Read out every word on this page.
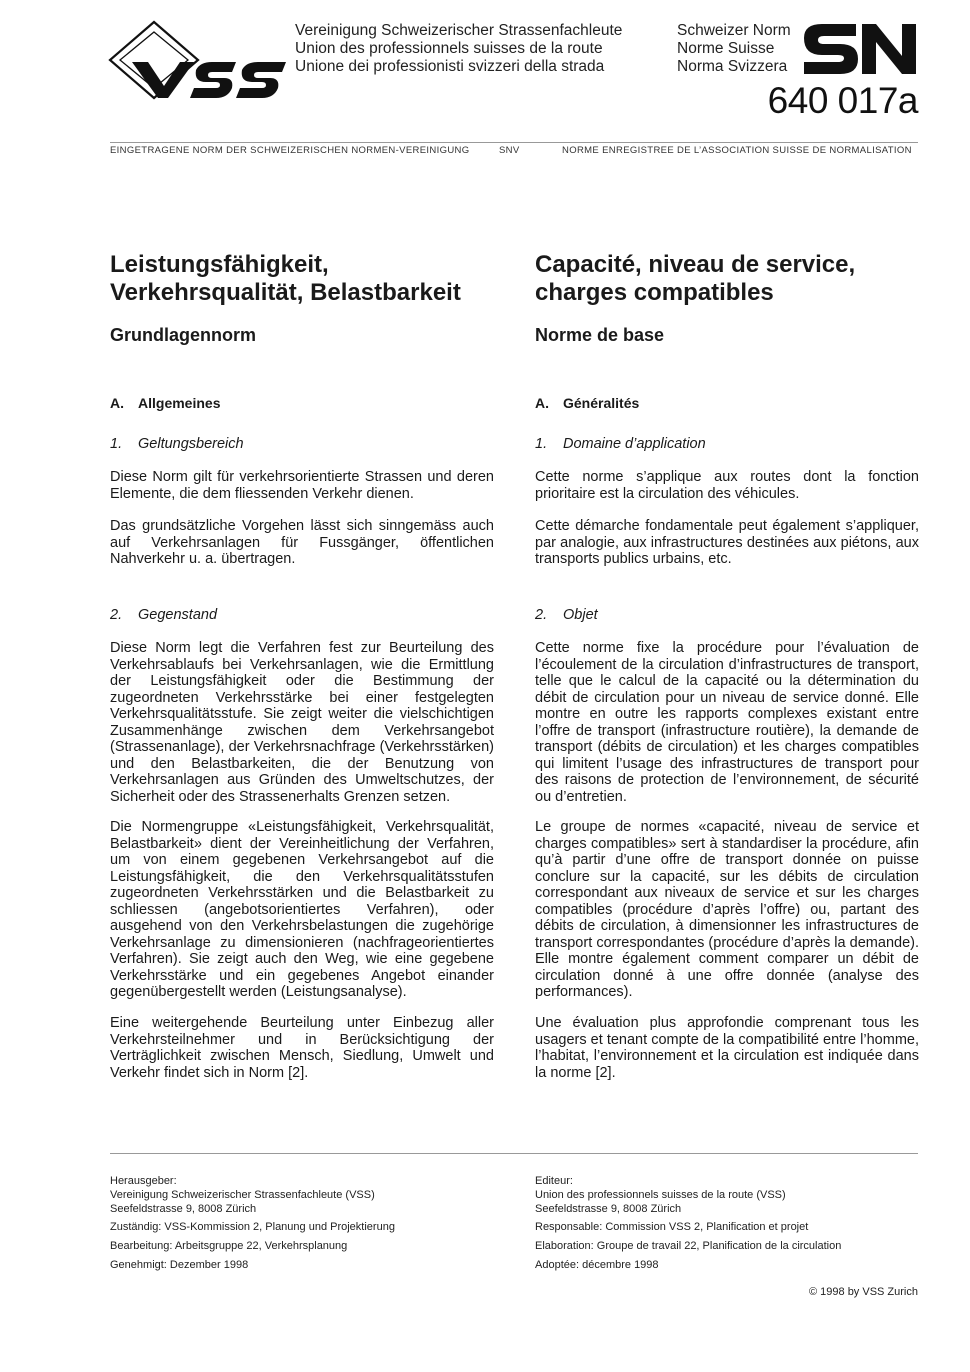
Vereinigung Schweizerischer Strassenfachleute
Union des professionnels suisses de la route
Unione dei professionisti svizzeri della strada
Schweizer Norm
Norme Suisse
Norma Svizzera
640 017a
EINGETRAGENE NORM DER SCHWEIZERISCHEN NORMEN-VEREINIGUNG	SNV	NORME ENREGISTREE DE L’ASSOCIATION SUISSE DE NORMALISATION
Leistungsfähigkeit,
Verkehrsqualität, Belastbarkeit
Grundlagennorm
A. Allgemeines
1. Geltungsbereich

Diese Norm gilt für verkehrsorientierte Strassen und deren Elemente, die dem fliessenden Verkehr dienen.

Das grundsätzliche Vorgehen lässt sich sinngemäss auch auf Verkehrsanlagen für Fussgänger, öffentlichen Nahverkehr u. a. übertragen.

2. Gegenstand

Diese Norm legt die Verfahren fest zur Beurteilung des Verkehrsablaufs bei Verkehrsanlagen, wie die Ermittlung der Leistungsfähigkeit oder die Bestimmung der zugeordneten Verkehrsstärke bei einer festgelegten Verkehrsqualitätsstufe. Sie zeigt weiter die vielschichtigen Zusammenhänge zwischen dem Verkehrsangebot (Strassenanlage), der Verkehrsnachfrage (Verkehrsstärken) und den Belastbarkeiten, die der Benutzung von Verkehrsanlagen aus Gründen des Umweltschutzes, der Sicherheit oder des Strassenerhalts Grenzen setzen.

Die Normengruppe «Leistungsfähigkeit, Verkehrsqualität, Belastbarkeit» dient der Vereinheitlichung der Verfahren, um von einem gegebenen Verkehrsangebot auf die Leistungsfähigkeit, die den Verkehrsqualitätsstufen zugeordneten Verkehrsstärken und die Belastbarkeit zu schliessen (angebotsorientiertes Verfahren), oder ausgehend von den Verkehrsbelastungen die zugehörige Verkehrsanlage zu dimensionieren (nachfrageorientiertes Verfahren). Sie zeigt auch den Weg, wie eine gegebene Verkehrsstärke und ein gegebenes Angebot einander gegenübergestellt werden (Leistungsanalyse).

Eine weitergehende Beurteilung unter Einbezug aller Verkehrsteilnehmer und in Berücksichtigung der Verträglichkeit zwischen Mensch, Siedlung, Umwelt und Verkehr findet sich in Norm [2].

Capacité, niveau de service,
charges compatibles
Norme de base
A. Généralités
1. Domaine d’application

Cette norme s’applique aux routes dont la fonction prioritaire est la circulation des véhicules.

Cette démarche fondamentale peut également s’appliquer, par analogie, aux infrastructures destinées aux piétons, aux transports publics urbains, etc.

2. Objet

Cette norme fixe la procédure pour l’évaluation de l’écoulement de la circulation d’infrastructures de transport, telle que le calcul de la capacité ou la détermination du débit de circulation pour un niveau de service donné. Elle montre en outre les rapports complexes existant entre l’offre de transport (infrastructure routière), la demande de transport (débits de circulation) et les charges compatibles qui limitent l’usage des infrastructures de transport pour des raisons de protection de l’environnement, de sécurité ou d’entretien.

Le groupe de normes «capacité, niveau de service et charges compatibles» sert à standardiser la procédure, afin qu’à partir d’une offre de transport donnée on puisse conclure sur la capacité, sur les débits de circulation correspondant aux niveaux de service et sur les charges compatibles (procédure d’après l’offre) ou, partant des débits de circulation, à dimensionner les infrastructures de transport correspondantes (procédure d’après la demande). Elle montre également comment comparer un débit de circulation donné à une offre donnée (analyse des performances).

Une évaluation plus approfondie comprenant tous les usagers et tenant compte de la compatibilité entre l’homme, l’habitat, l’environnement et la circulation est indiquée dans la norme [2].

Herausgeber:
Vereinigung Schweizerischer Strassenfachleute (VSS)
Seefeldstrasse 9, 8008 Zürich
Zuständig: VSS-Kommission 2, Planung und Projektierung
Bearbeitung: Arbeitsgruppe 22, Verkehrsplanung
Genehmigt: Dezember 1998
Editeur:
Union des professionnels suisses de la route (VSS)
Seefeldstrasse 9, 8008 Zürich
Responsable: Commission VSS 2, Planification et projet
Elaboration: Groupe de travail 22, Planification de la circulation
Adoptée: décembre 1998
© 1998 by VSS Zurich
